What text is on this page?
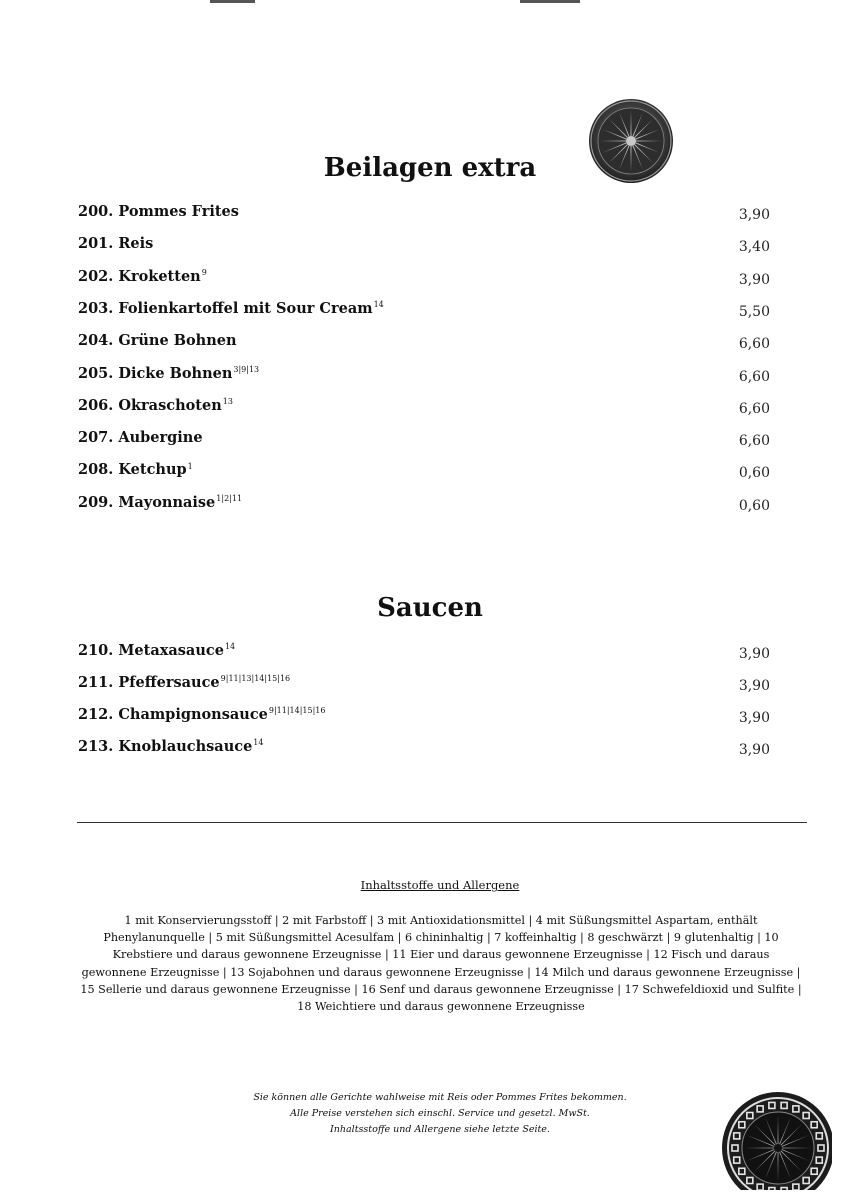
Beilagen extra
200. Pommes Frites	3,90
201. Reis	3,40
202. Kroketten$^9$	3,90
203. Folienkartoffel mit Sour Cream$^{14}$	5,50
204. Grüne Bohnen	6,60
205. Dicke Bohnen$^{3|9|13}$	6,60
206. Okraschoten$^{13}$	6,60
207. Aubergine	6,60
208. Ketchup$^1$	0,60
209. Mayonnaise$^{1|2|11}$	0,60
Saucen
210. Metaxasauce$^{14}$	3,90
211. Pfeffersauce$^{9|11|13|14|15|16}$	3,90
212. Champignonsauce$^{9|11|14|15|16}$	3,90
213. Knoblauchsauce$^{14}$	3,90
Inhaltsstoffe und Allergene
1 mit Konservierungsstoff | 2 mit Farbstoff | 3 mit Antioxidationsmittel | 4 mit Süßungsmittel Aspartam, enthält Phenylanunquelle | 5 mit Süßungsmittel Acesulfam | 6 chininhaltig | 7 koffeinhaltig | 8 geschwärzt | 9 glutenhaltig | 10 Krebstiere und daraus gewonnene Erzeugnisse | 11 Eier und daraus gewonnene Erzeugnisse | 12 Fisch und daraus gewonnene Erzeugnisse | 13 Sojabohnen und daraus gewonnene Erzeugnisse | 14 Milch und daraus gewonnene Erzeugnisse | 15 Sellerie und daraus gewonnene Erzeugnisse | 16 Senf und daraus gewonnene Erzeugnisse | 17 Schwefeldioxid und Sulfite | 18 Weichtiere und daraus gewonnene Erzeugnisse
Sie können alle Gerichte wahlweise mit Reis oder Pommes Frites bekommen.
Alle Preise verstehen sich einschl. Service und gesetzl. MwSt.
Inhaltsstoffe und Allergene siehe letzte Seite.
